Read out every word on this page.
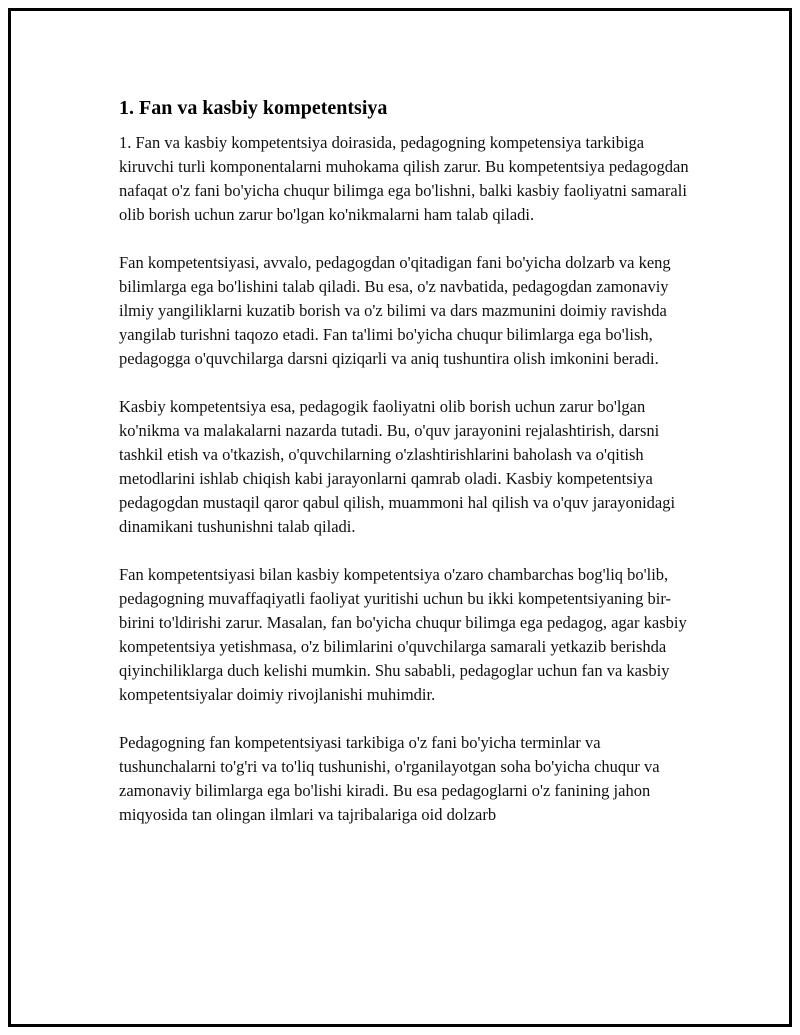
1. Fan va kasbiy kompetentsiya

1. Fan va kasbiy kompetentsiya doirasida, pedagogning kompetensiya tarkibiga kiruvchi turli komponentalarni muhokama qilish zarur. Bu kompetentsiya pedagogdan nafaqat o'z fani bo'yicha chuqur bilimga ega bo'lishni, balki kasbiy faoliyatni samarali olib borish uchun zarur bo'lgan ko'nikmalarni ham talab qiladi.

Fan kompetentsiyasi, avvalo, pedagogdan o'qitadigan fani bo'yicha dolzarb va keng bilimlarga ega bo'lishini talab qiladi. Bu esa, o'z navbatida, pedagogdan zamonaviy ilmiy yangiliklarni kuzatib borish va o'z bilimi va dars mazmunini doimiy ravishda yangilab turishni taqozo etadi. Fan ta'limi bo'yicha chuqur bilimlarga ega bo'lish, pedagogga o'quvchilarga darsni qiziqarli va aniq tushuntira olish imkonini beradi.

Kasbiy kompetentsiya esa, pedagogik faoliyatni olib borish uchun zarur bo'lgan ko'nikma va malakalarni nazarda tutadi. Bu, o'quv jarayonini rejalashtirish, darsni tashkil etish va o'tkazish, o'quvchilarning o'zlashtirishlarini baholash va o'qitish metodlarini ishlab chiqish kabi jarayonlarni qamrab oladi. Kasbiy kompetentsiya pedagogdan mustaqil qaror qabul qilish, muammoni hal qilish va o'quv jarayonidagi dinamikani tushunishni talab qiladi.

Fan kompetentsiyasi bilan kasbiy kompetentsiya o'zaro chambarchas bog'liq bo'lib, pedagogning muvaffaqiyatli faoliyat yuritishi uchun bu ikki kompetentsiyaning bir-birini to'ldirishi zarur. Masalan, fan bo'yicha chuqur bilimga ega pedagog, agar kasbiy kompetentsiya yetishmasa, o'z bilimlarini o'quvchilarga samarali yetkazib berishda qiyinchiliklarga duch kelishi mumkin. Shu sababli, pedagoglar uchun fan va kasbiy kompetentsiyalar doimiy rivojlanishi muhimdir.

Pedagogning fan kompetentsiyasi tarkibiga o'z fani bo'yicha terminlar va tushunchalarni to'g'ri va to'liq tushunishi, o'rganilayotgan soha bo'yicha chuqur va zamonaviy bilimlarga ega bo'lishi kiradi. Bu esa pedagoglarni o'z fanining jahon miqyosida tan olingan ilmlari va tajribalariga oid dolzarb
